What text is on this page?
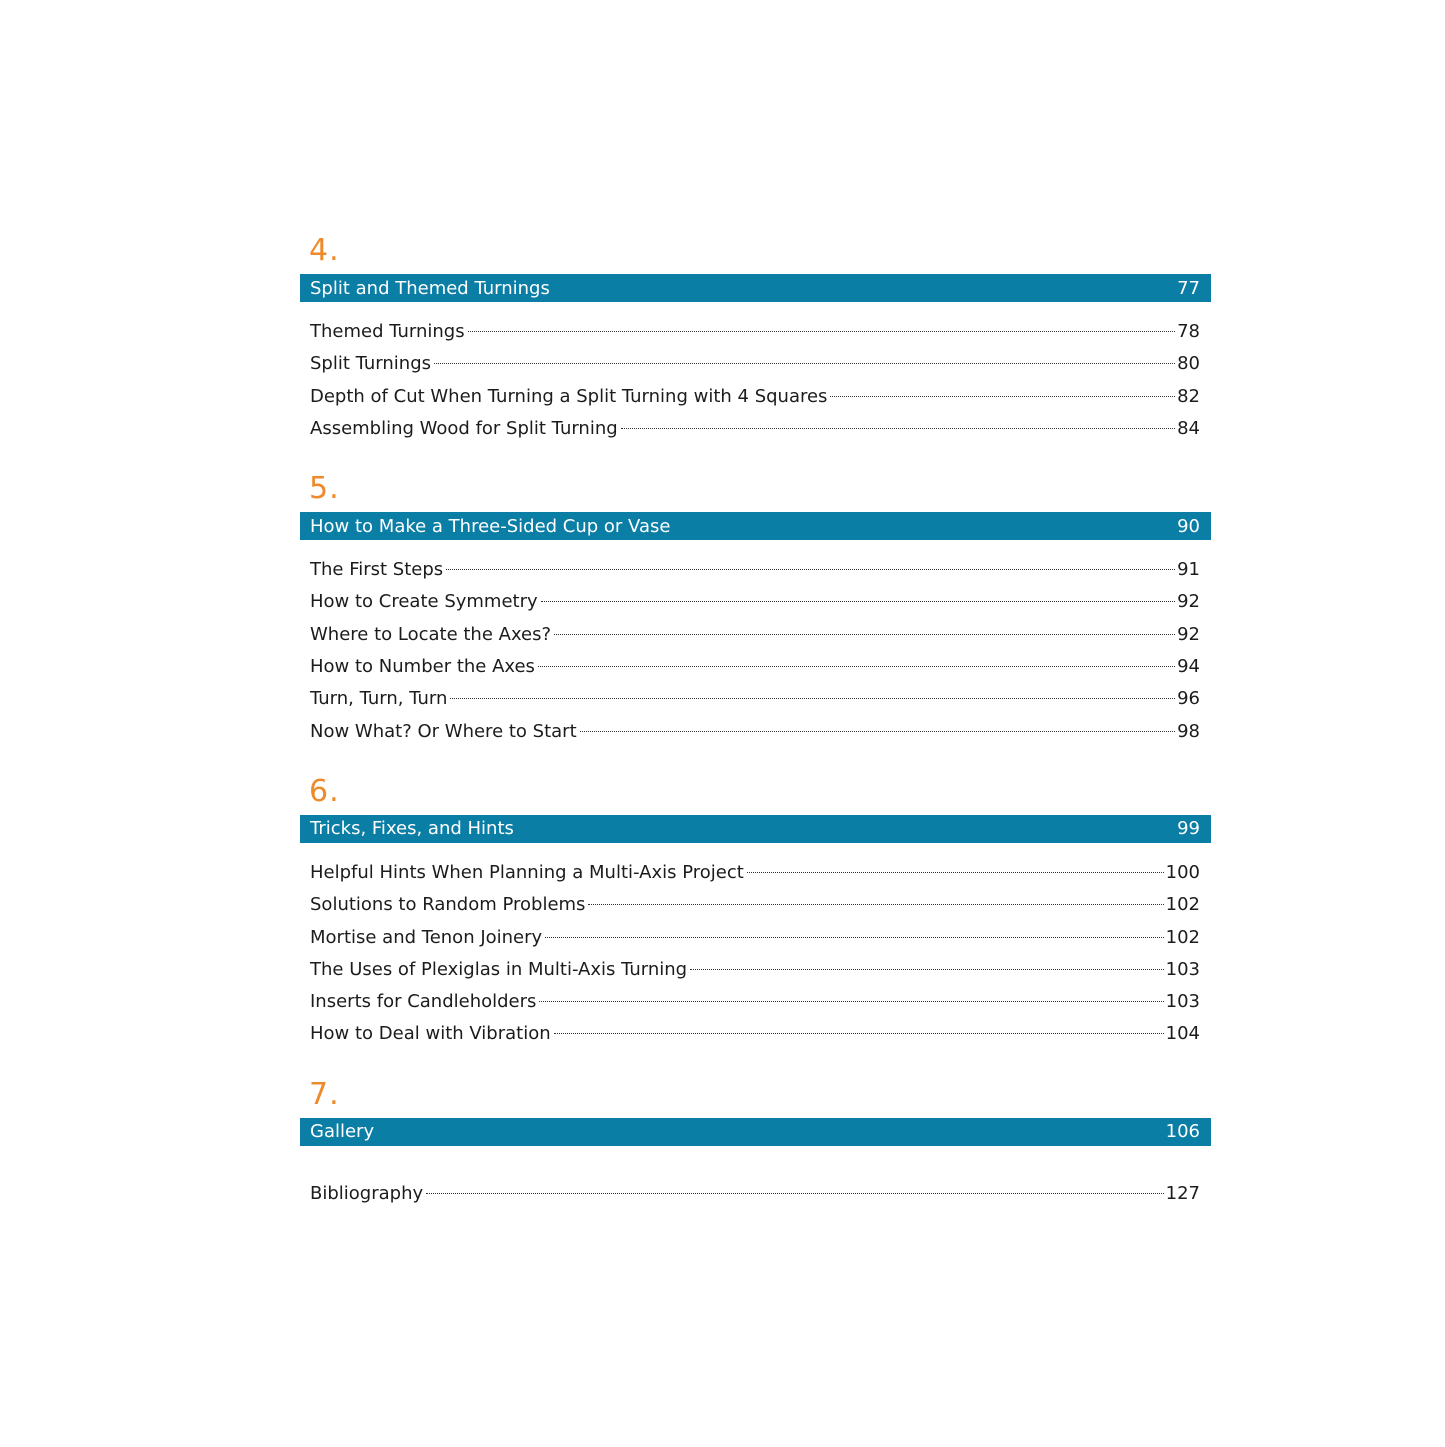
4.
Split and Themed Turnings	77
Themed Turnings	78
Split Turnings	80
Depth of Cut When Turning a Split Turning with 4 Squares	82
Assembling Wood for Split Turning	84
5.
How to Make a Three-Sided Cup or Vase	90
The First Steps	91
How to Create Symmetry	92
Where to Locate the Axes?	92
How to Number the Axes	94
Turn, Turn, Turn	96
Now What? Or Where to Start	98
6.
Tricks, Fixes, and Hints	99
Helpful Hints When Planning a Multi-Axis Project	100
Solutions to Random Problems	102
Mortise and Tenon Joinery	102
The Uses of Plexiglas in Multi-Axis Turning	103
Inserts for Candleholders	103
How to Deal with Vibration	104
7.
Gallery	106
Bibliography	127
